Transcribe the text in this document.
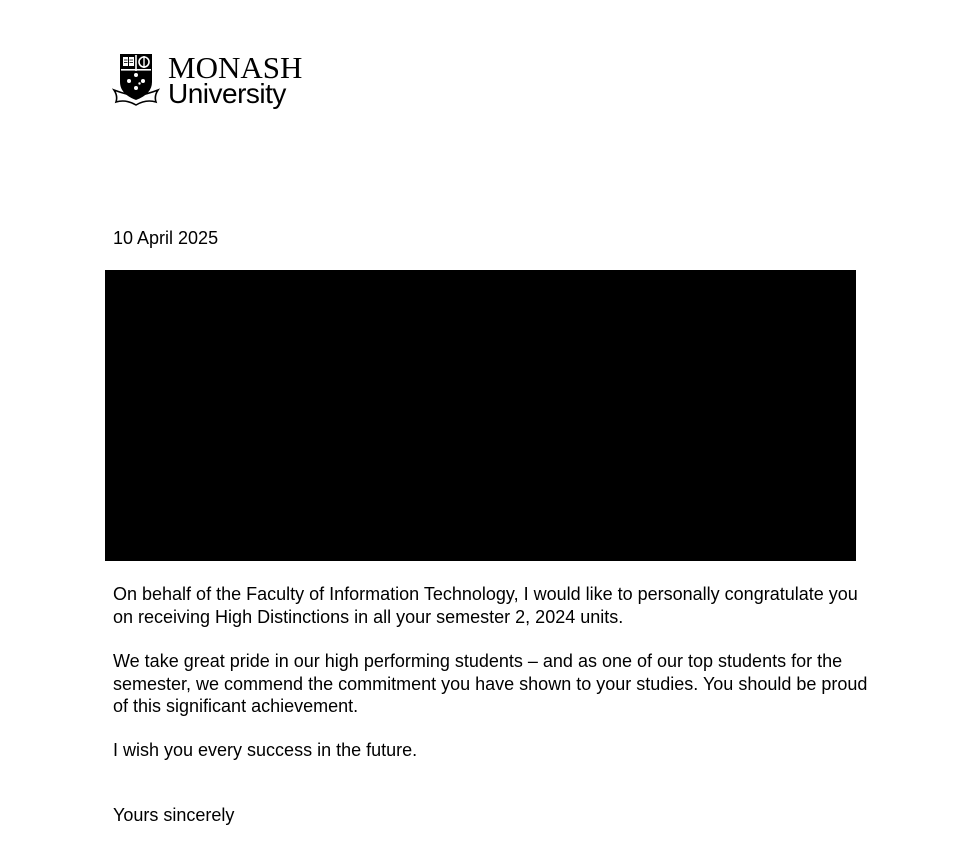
MONASH
University
10 April 2025

On behalf of the Faculty of Information Technology, I would like to personally congratulate you on receiving High Distinctions in all your semester 2, 2024 units.

We take great pride in our high performing students – and as one of our top students for the semester, we commend the commitment you have shown to your studies. You should be proud of this significant achievement.

I wish you every success in the future.

Yours sincerely
